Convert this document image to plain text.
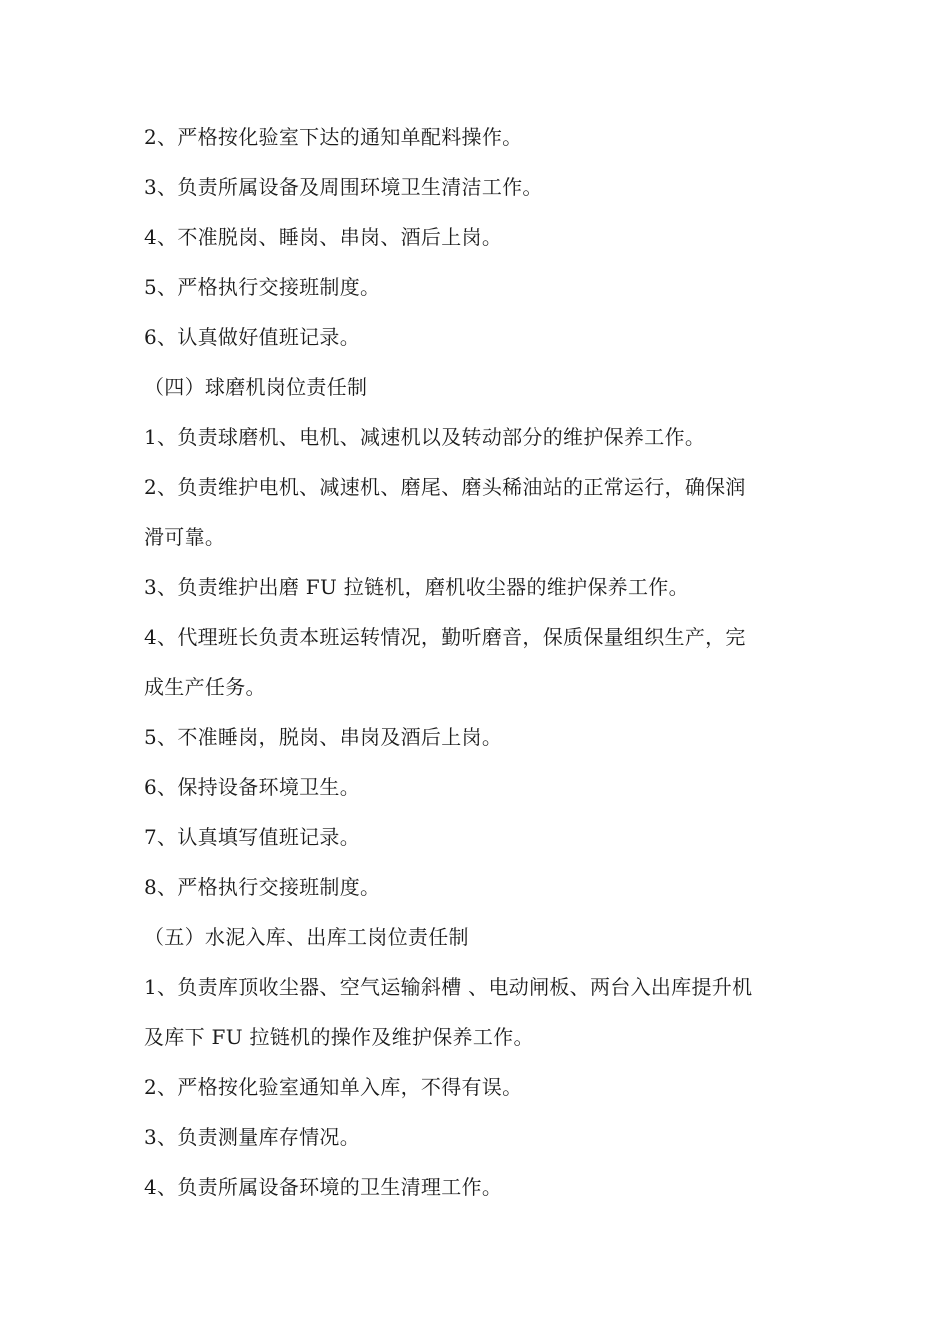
2、严格按化验室下达的通知单配料操作。
3、负责所属设备及周围环境卫生清洁工作。
4、不准脱岗、睡岗、串岗、酒后上岗。
5、严格执行交接班制度。
6、认真做好值班记录。
（四）球磨机岗位责任制
1、负责球磨机、电机、减速机以及转动部分的维护保养工作。
2、负责维护电机、减速机、磨尾、磨头稀油站的正常运行，确保润
滑可靠。
3、负责维护出磨 FU 拉链机，磨机收尘器的维护保养工作。
4、代理班长负责本班运转情况，勤听磨音，保质保量组织生产，完
成生产任务。
5、不准睡岗，脱岗、串岗及酒后上岗。
6、保持设备环境卫生。
7、认真填写值班记录。
8、严格执行交接班制度。
（五）水泥入库、出库工岗位责任制
1、负责库顶收尘器、空气运输斜槽 、电动闸板、两台入出库提升机
及库下 FU 拉链机的操作及维护保养工作。
2、严格按化验室通知单入库，不得有误。
3、负责测量库存情况。
4、负责所属设备环境的卫生清理工作。
